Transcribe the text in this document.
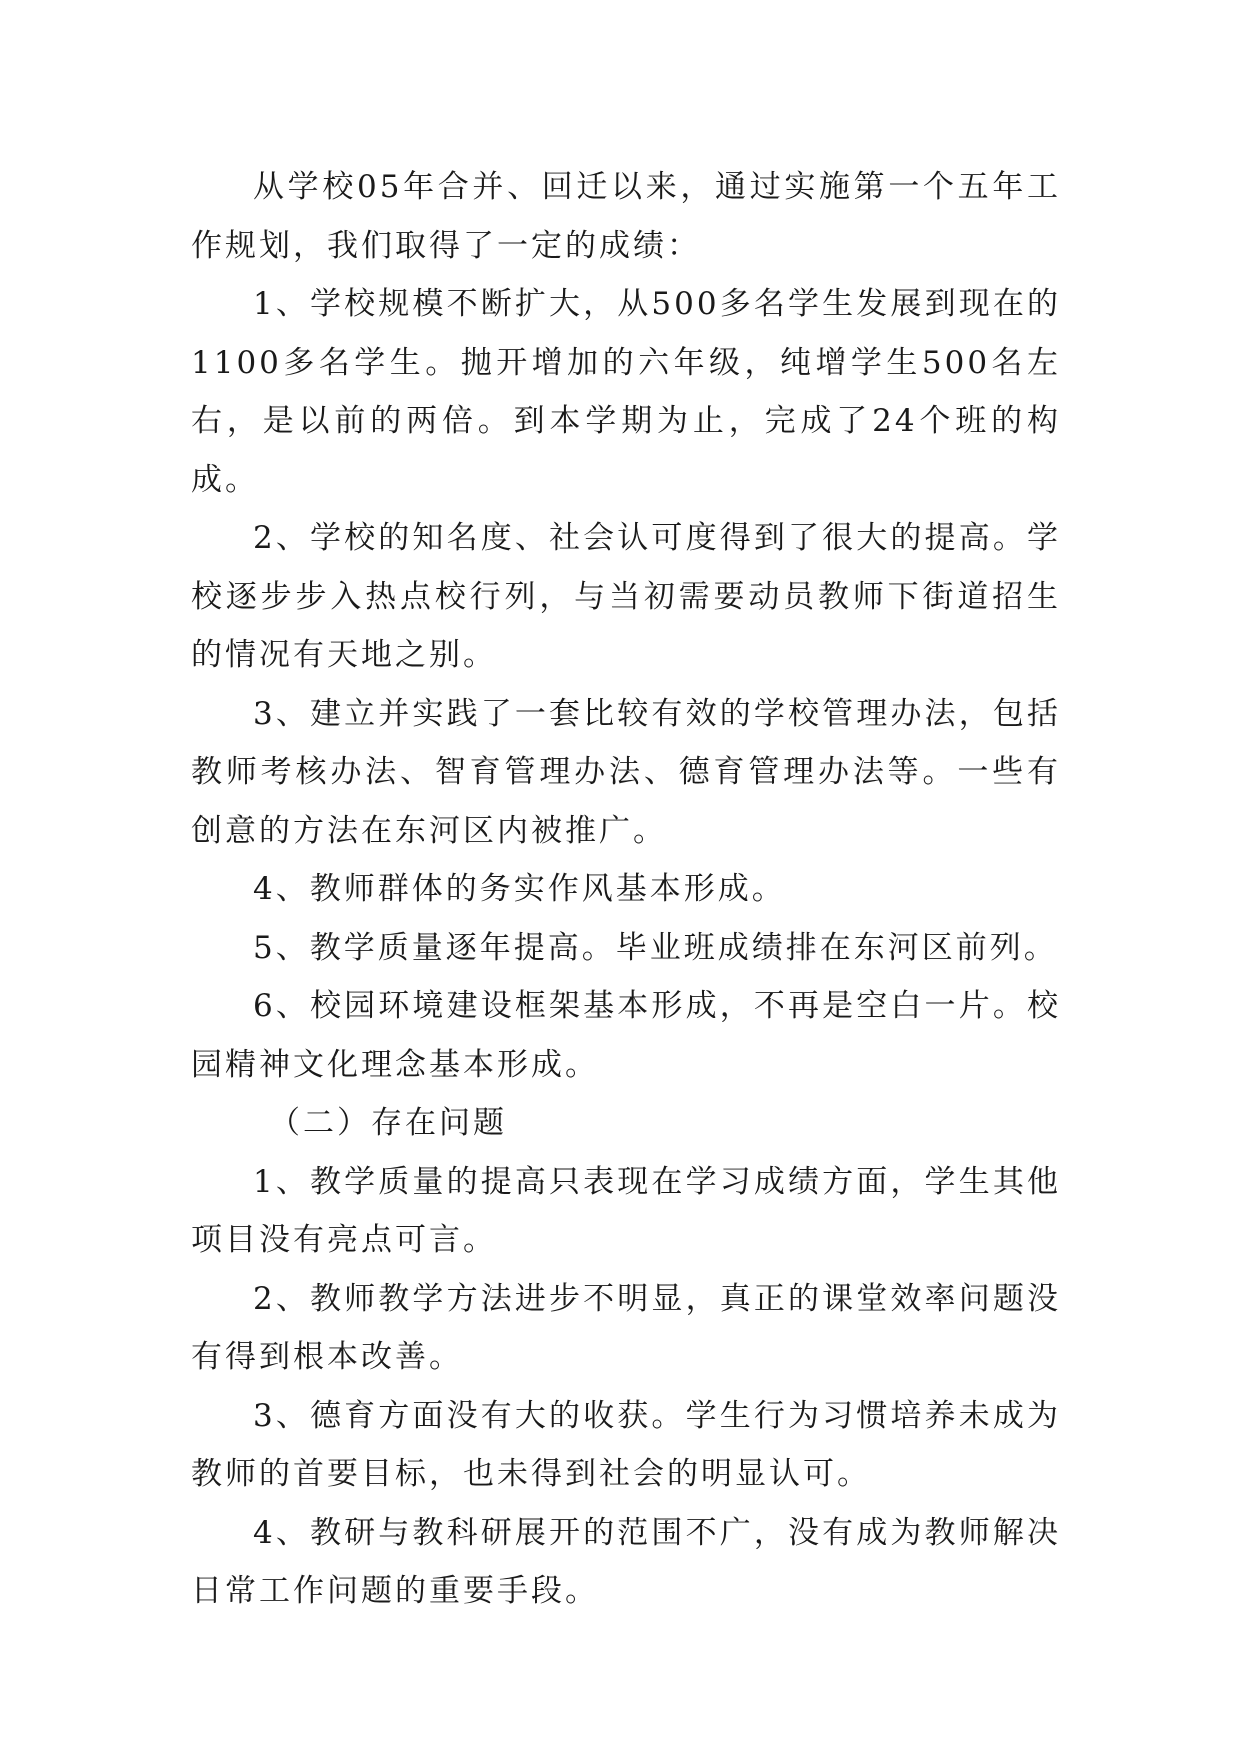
从学校05年合并、回迁以来，通过实施第一个五年工作规划，我们取得了一定的成绩：

1、学校规模不断扩大，从500多名学生发展到现在的1100多名学生。抛开增加的六年级，纯增学生500名左右，是以前的两倍。到本学期为止，完成了24个班的构成。

2、学校的知名度、社会认可度得到了很大的提高。学校逐步步入热点校行列，与当初需要动员教师下街道招生的情况有天地之别。

3、建立并实践了一套比较有效的学校管理办法，包括教师考核办法、智育管理办法、德育管理办法等。一些有创意的方法在东河区内被推广。

4、教师群体的务实作风基本形成。

5、教学质量逐年提高。毕业班成绩排在东河区前列。

6、校园环境建设框架基本形成，不再是空白一片。校园精神文化理念基本形成。

（二）存在问题

1、教学质量的提高只表现在学习成绩方面，学生其他项目没有亮点可言。

2、教师教学方法进步不明显，真正的课堂效率问题没有得到根本改善。

3、德育方面没有大的收获。学生行为习惯培养未成为教师的首要目标，也未得到社会的明显认可。

4、教研与教科研展开的范围不广，没有成为教师解决日常工作问题的重要手段。
